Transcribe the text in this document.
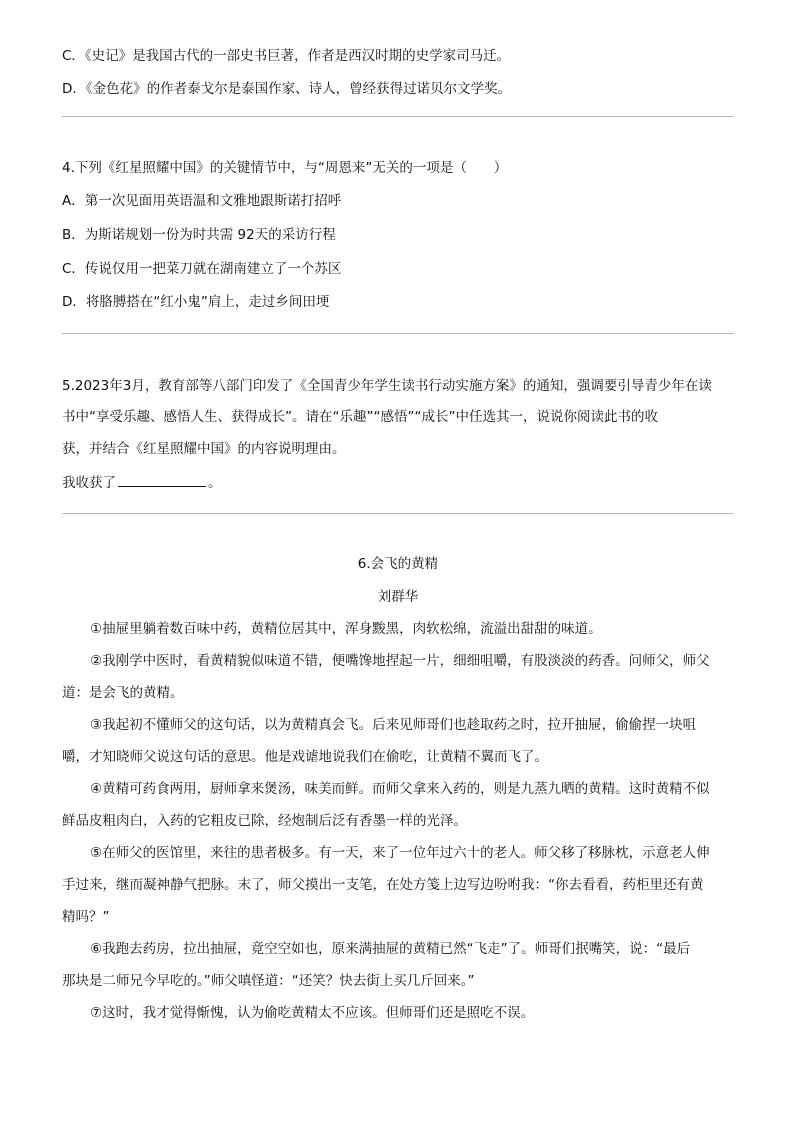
C．《史记》是我国古代的一部史书巨著，作者是西汉时期的史学家司马迁。
D．《金色花》的作者泰戈尔是泰国作家、诗人，曾经获得过诺贝尔文学奖。
4.下列《红星照耀中国》的关键情节中，与“周恩来”无关的一项是（　　）
A．第一次见面用英语温和文雅地跟斯诺打招呼
B．为斯诺规划一份为时共需 92天的采访行程
C．传说仅用一把菜刀就在湖南建立了一个苏区
D．将胳膊搭在“红小鬼”肩上，走过乡间田埂
5.2023年3月，教育部等八部门印发了《全国青少年学生读书行动实施方案》的通知，强调要引导青少年在读
书中“享受乐趣、感悟人生、获得成长”。请在“乐趣”“感悟”“成长”中任选其一，说说你阅读此书的收
获，并结合《红星照耀中国》的内容说明理由。
我收获了	。
6.会飞的黄精
刘群华
①抽屉里躺着数百味中药，黄精位居其中，浑身黢黑，肉软松绵，流溢出甜甜的味道。
②我刚学中医时，看黄精貌似味道不错，便嘴馋地捏起一片，细细咀嚼，有股淡淡的药香。问师父，师父
道：是会飞的黄精。
③我起初不懂师父的这句话，以为黄精真会飞。后来见师哥们也趁取药之时，拉开抽屉，偷偷捏一块咀
嚼，才知晓师父说这句话的意思。他是戏谑地说我们在偷吃，让黄精不翼而飞了。
④黄精可药食两用，厨师拿来煲汤，味美而鲜。而师父拿来入药的，则是九蒸九晒的黄精。这时黄精不似
鲜品皮粗肉白，入药的它粗皮已除，经炮制后泛有香墨一样的光泽。
⑤在师父的医馆里，来往的患者极多。有一天，来了一位年过六十的老人。师父移了移脉枕，示意老人伸
手过来，继而凝神静气把脉。末了，师父摸出一支笔，在处方笺上边写边吩咐我：“你去看看，药柜里还有黄
精吗？”
⑥我跑去药房，拉出抽屉，竟空空如也，原来满抽屉的黄精已然“飞走”了。师哥们抿嘴笑，说：“最后
那块是二师兄今早吃的。”师父嗔怪道：“还笑？快去街上买几斤回来。”
⑦这时，我才觉得惭愧，认为偷吃黄精太不应该。但师哥们还是照吃不误。
